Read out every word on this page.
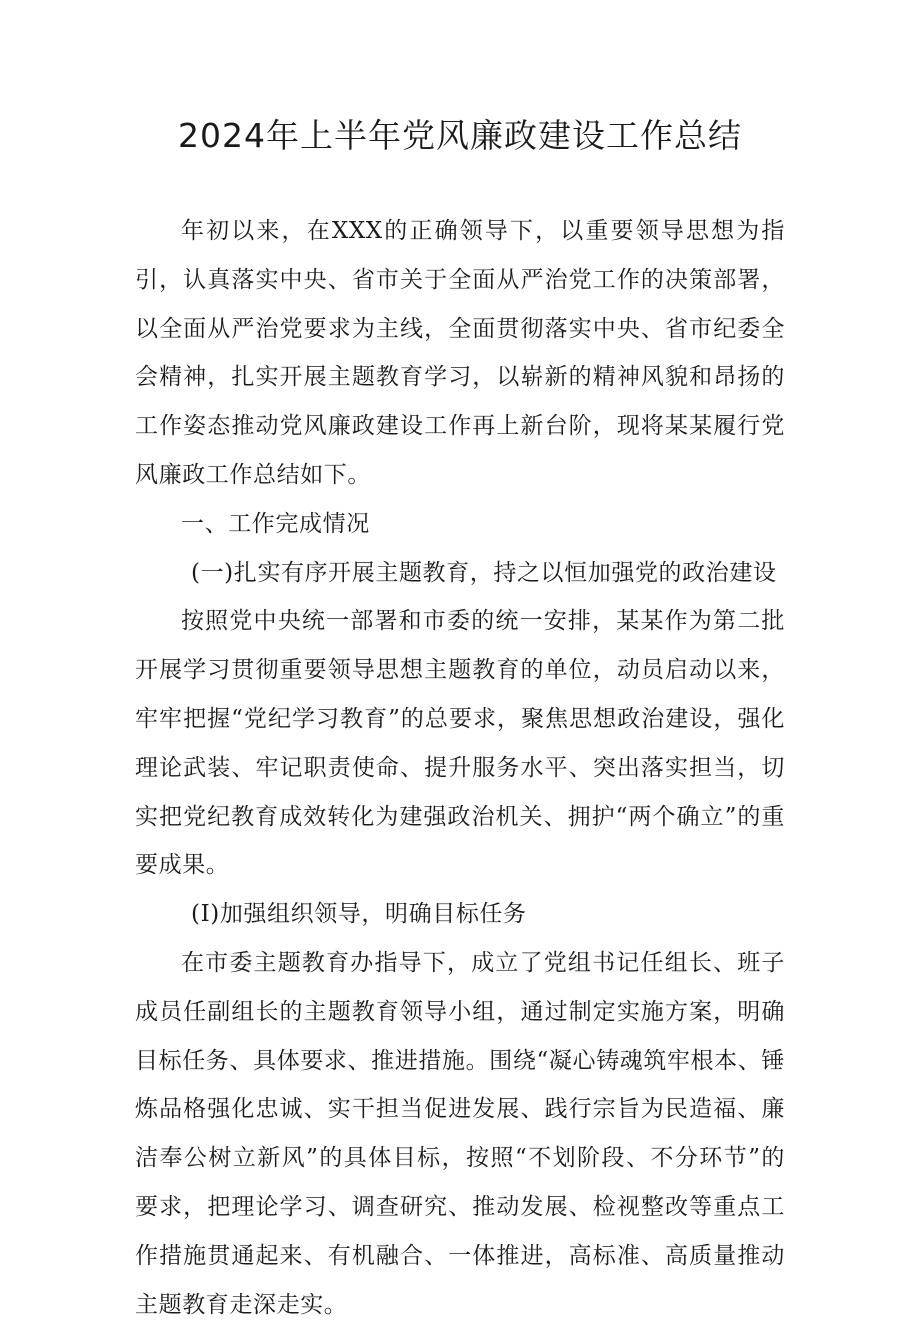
2024年上半年党风廉政建设工作总结

年初以来，在XXX的正确领导下，以重要领导思想为指引，认真落实中央、省市关于全面从严治党工作的决策部署，以全面从严治党要求为主线，全面贯彻落实中央、省市纪委全会精神，扎实开展主题教育学习，以崭新的精神风貌和昂扬的工作姿态推动党风廉政建设工作再上新台阶，现将某某履行党风廉政工作总结如下。

一、工作完成情况

(一)扎实有序开展主题教育，持之以恒加强党的政治建设

按照党中央统一部署和市委的统一安排，某某作为第二批开展学习贯彻重要领导思想主题教育的单位，动员启动以来，牢牢把握“党纪学习教育”的总要求，聚焦思想政治建设，强化理论武装、牢记职责使命、提升服务水平、突出落实担当，切实把党纪教育成效转化为建强政治机关、拥护“两个确立”的重要成果。

(I)加强组织领导，明确目标任务

在市委主题教育办指导下，成立了党组书记任组长、班子成员任副组长的主题教育领导小组，通过制定实施方案，明确目标任务、具体要求、推进措施。围绕“凝心铸魂筑牢根本、锤炼品格强化忠诚、实干担当促进发展、践行宗旨为民造福、廉洁奉公树立新风”的具体目标，按照“不划阶段、不分环节”的要求，把理论学习、调查研究、推动发展、检视整改等重点工作措施贯通起来、有机融合、一体推进，高标准、高质量推动主题教育走深走实。
